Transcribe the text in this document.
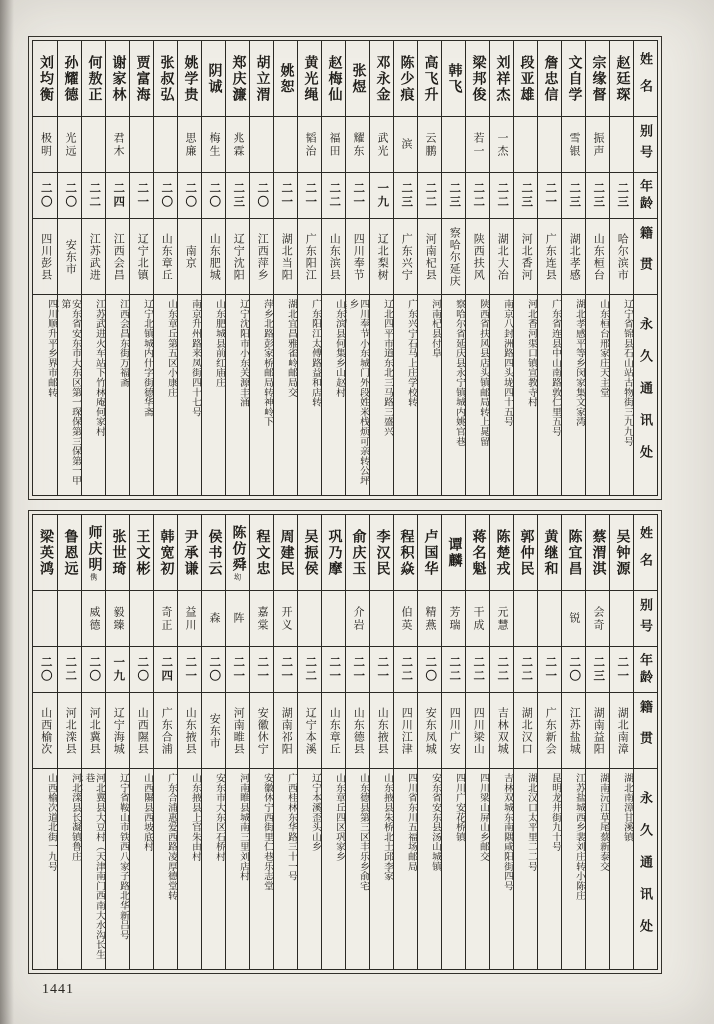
姓名
别号
年龄
籍贯
永久通讯处
赵廷琛
二三
哈尔滨市
辽宁省锦县石山站古物街三九九号
宗缘督
振声
二三
山东桓台
山东桓台邢家庄天主堂
文自学
雪银
二三
湖北孝感
湖北孝感平等乡闵家集文家湾
詹忠信
二一
广东连县
广东省连县中山南路敦仁里五号
段亚雄
二三
河北香河
河北香河渠口镇宣教寺村
刘祥杰
一杰
二二
湖北大冶
南京八封洲路四头垅四十五号
梁邦俊
若一
二二
陕西扶风
陕西省扶风县店头镇邮局转上晁留
韩飞
二三
察哈尔延庆
察哈尔省延庆县永宁镇城内姚官巷
高飞升
云鹏
二二
河南杞县
河南杞县付阜
陈少痕
滨
二三
广东兴宁
广东兴宁石马上庄学校转
邓永金
武光
一九
辽北梨树
辽北四平市道东北三马路三盛兴
张煜
耀东
二一
四川奉节
四川奉节小东城门外段姓米栈烦可亲转公坪乡
赵梅仙
福田
二二
山东滨县
山东滨县何集乡山赵村
黄光绳
韬治
二一
广东阳江
广东阳江太傅路益和店转
姚恕
二一
湖北当阳
湖北宜昌雅雀岭邮局交
胡立渭
二〇
江西萍乡
萍乡北路彭家桥邮局转神岭下
郑庆濂
兆霖
二三
辽宁沈阳
辽宁沈阳市小东关源丰涌
阴诚
梅生
二〇
山东肥城
山东肥城县前红庙庄
姚学贵
思廉
二〇
南京
南京升州路来凤街四十七号
张叔弘
二〇
山东章丘
山东章丘第五区小康庄
贾富海
二一
辽宁北镇
辽宁北镇城内什字街德华斋
谢家林
君木
二四
江西会昌
江西会昌东街万福斋
何敖正
二二
江苏武进
江苏武进火车站下竹林庵何家村
孙耀德
光远
二〇
安东市
安东省安东市大东区第一琛保第三保第一甲第
刘均衡
极明
二〇
四川彭县
四川顺升平乡界市邮转
姓名
别号
年龄
籍贯
永久通讯处
吴钟源
二一
湖北南漳
湖北南漳甘溪镇
蔡渭淇
会奇
二三
湖南益阳
湖南沅江草尾蔡新泰交
陈宜昌
锐
二〇
江苏盐城
江苏盐城西乡裴刘庄转小陈庄
黄继和
二一
广东新会
昆明龙井街九十号
郭仲民
二二
湖北汉口
湖北汉口太平里二二号
陈楚戎
元慧
二二
吉林双城
吉林双城东南隅咸阳街四号
蒋名魁
干成
二二
四川梁山
四川梁山屏山乡邮交
谭麟
芳瑞
二二
四川广安
四川广安花桥镇
卢国华
精燕
二〇
安东凤城
安东省安东县汤山城镇
程积焱
伯英
二二
四川江津
四川省东川五福场邮局
李汉民
二一
山东掖县
山东掖县朱桥北土邱李家
俞庆玉
介岩
二一
山东德县
山东德县第三区丰乐乡俞宅
巩乃摩
二一
山东章丘
山东章丘四区巩家乡
吴振侯
二二
辽宁本溪
辽宁本溪歪头山乡
周建民
开义
二一
湖南祁阳
广西桂林东华路三十一号
程文忠
嘉棠
二一
安徽休宁
安徽休宁西街里仁巷乐志堂
陈仿舜
㘭
阵
二一
河南睢县
河南睢县城南三里刘店村
侯书云
森
二〇
安东市
安东市大东区石桥村
尹承谦
益川
二一
山东掖县
山东掖县上官朱由村
韩宽初
奇正
二四
广东合浦
广东合浦惠爱西路凌厚德堂转
王文彬
二〇
山西隰县
山西隰县西坡底村
张世琦
毅臻
一九
辽宁海城
辽宁省鞍山市铁西八家子路北华新吕号
师庆明
㑺
威德
二〇
河北冀县
河北冀县大豆村（天津南门西南大水沟长生巷
鲁恩远
二二
河北滦县
河北滦县长凝镇鲁庄
梁英鸿
二〇
山西榆次
山西榆次道北街一九号
1441
